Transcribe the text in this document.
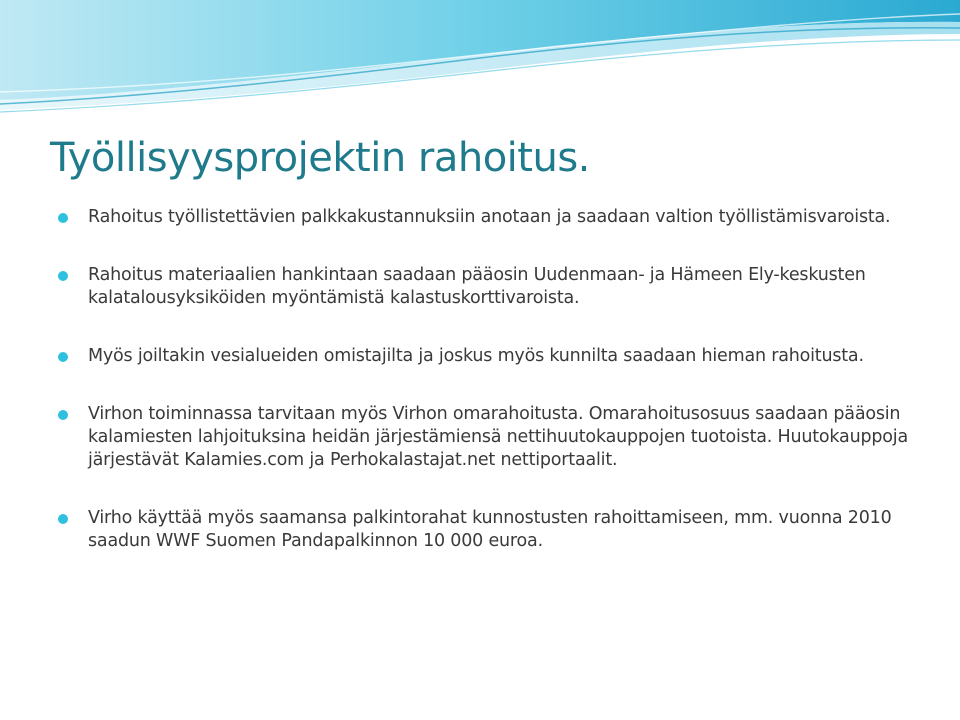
Työllisyysprojektin rahoitus.
Rahoitus työllistettävien palkkakustannuksiin anotaan ja saadaan valtion työllistämisvaroista.
Rahoitus materiaalien hankintaan saadaan pääosin Uudenmaan- ja Hämeen Ely-keskusten kalatalousyksiköiden myöntämistä kalastuskorttivaroista.
Myös joiltakin vesialueiden omistajilta ja joskus myös kunnilta saadaan hieman rahoitusta.
Virhon toiminnassa tarvitaan myös Virhon omarahoitusta. Omarahoitusosuus saadaan pääosin kalamiesten lahjoituksina heidän järjestämiensä nettihuutokauppojen tuotoista. Huutokauppoja järjestävät Kalamies.com ja Perhokalastajat.net nettiportaalit.
Virho käyttää myös saamansa palkintorahat kunnostusten rahoittamiseen, mm. vuonna 2010 saadun WWF Suomen Pandapalkinnon 10 000 euroa.
